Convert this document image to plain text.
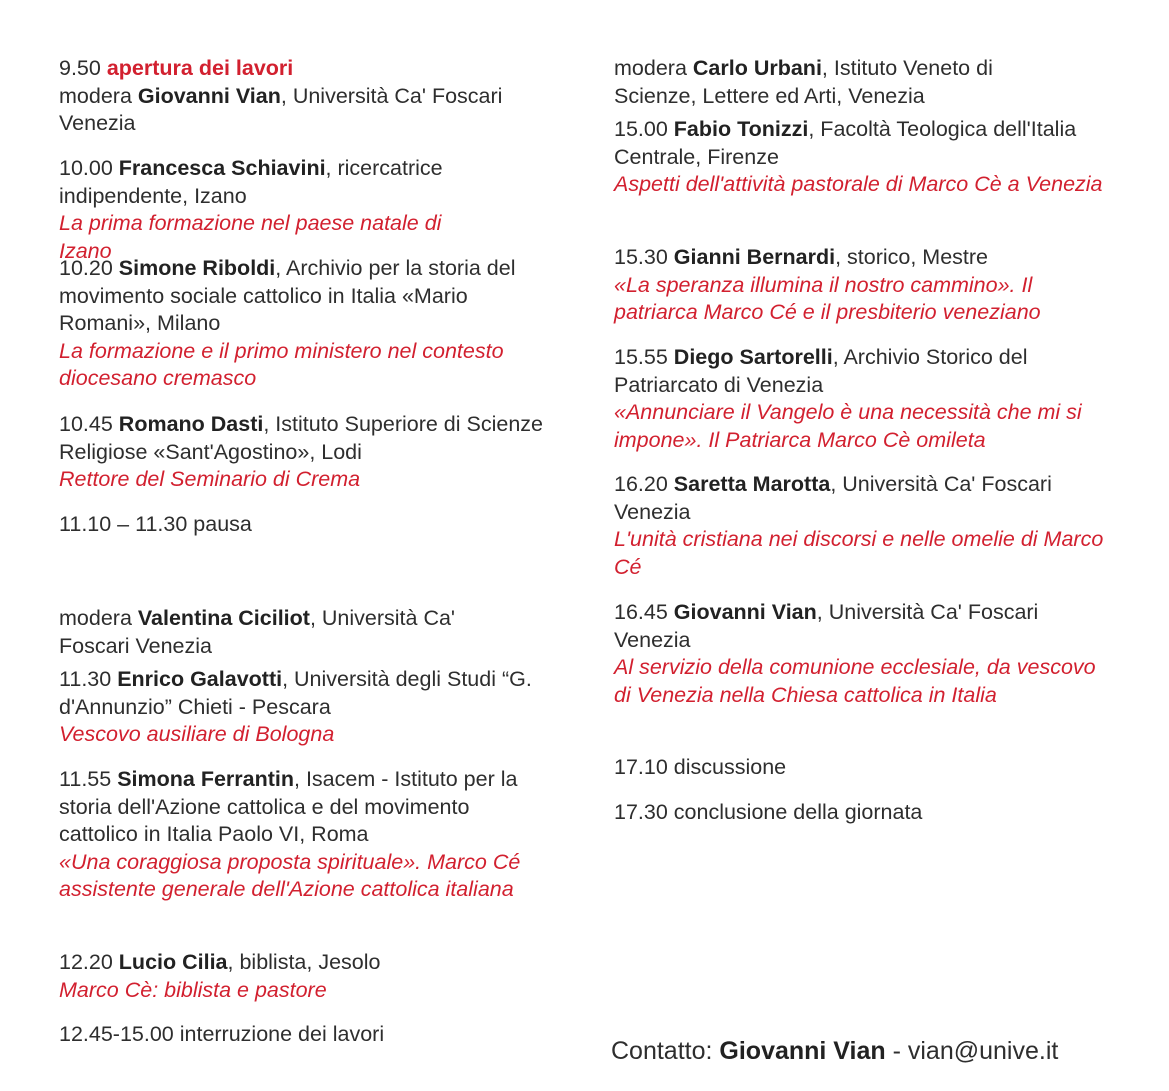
9.50 apertura dei lavori
modera Giovanni Vian, Università Ca' Foscari Venezia
10.00 Francesca Schiavini, ricercatrice indipendente, Izano
La prima formazione nel paese natale di Izano
10.20 Simone Riboldi, Archivio per la storia del movimento sociale cattolico in Italia «Mario Romani», Milano
La formazione e il primo ministero nel contesto diocesano cremasco
10.45 Romano Dasti, Istituto Superiore di Scienze Religiose «Sant'Agostino», Lodi
Rettore del Seminario di Crema
11.10 – 11.30 pausa
modera Valentina Ciciliot, Università Ca' Foscari Venezia
11.30 Enrico Galavotti, Università degli Studi “G. d'Annunzio” Chieti - Pescara
Vescovo ausiliare di Bologna
11.55 Simona Ferrantin, Isacem - Istituto per la storia dell'Azione cattolica e del movimento cattolico in Italia Paolo VI, Roma
«Una coraggiosa proposta spirituale». Marco Cé assistente generale dell'Azione cattolica italiana
12.20 Lucio Cilia, biblista, Jesolo
Marco Cè: biblista e pastore
12.45-15.00 interruzione dei lavori
modera Carlo Urbani, Istituto Veneto di Scienze, Lettere ed Arti, Venezia
15.00 Fabio Tonizzi, Facoltà Teologica dell'Italia Centrale, Firenze
Aspetti dell'attività pastorale di Marco Cè a Venezia
15.30 Gianni Bernardi, storico, Mestre
«La speranza illumina il nostro cammino». Il patriarca Marco Cé e il presbiterio veneziano
15.55 Diego Sartorelli, Archivio Storico del Patriarcato di Venezia
«Annunciare il Vangelo è una necessità che mi si impone». Il Patriarca Marco Cè omileta
16.20 Saretta Marotta, Università Ca' Foscari Venezia
L'unità cristiana nei discorsi e nelle omelie di Marco Cé
16.45 Giovanni Vian, Università Ca' Foscari Venezia
Al servizio della comunione ecclesiale, da vescovo di Venezia nella Chiesa cattolica in Italia
17.10 discussione
17.30 conclusione della giornata
Contatto: Giovanni Vian - vian@unive.it
